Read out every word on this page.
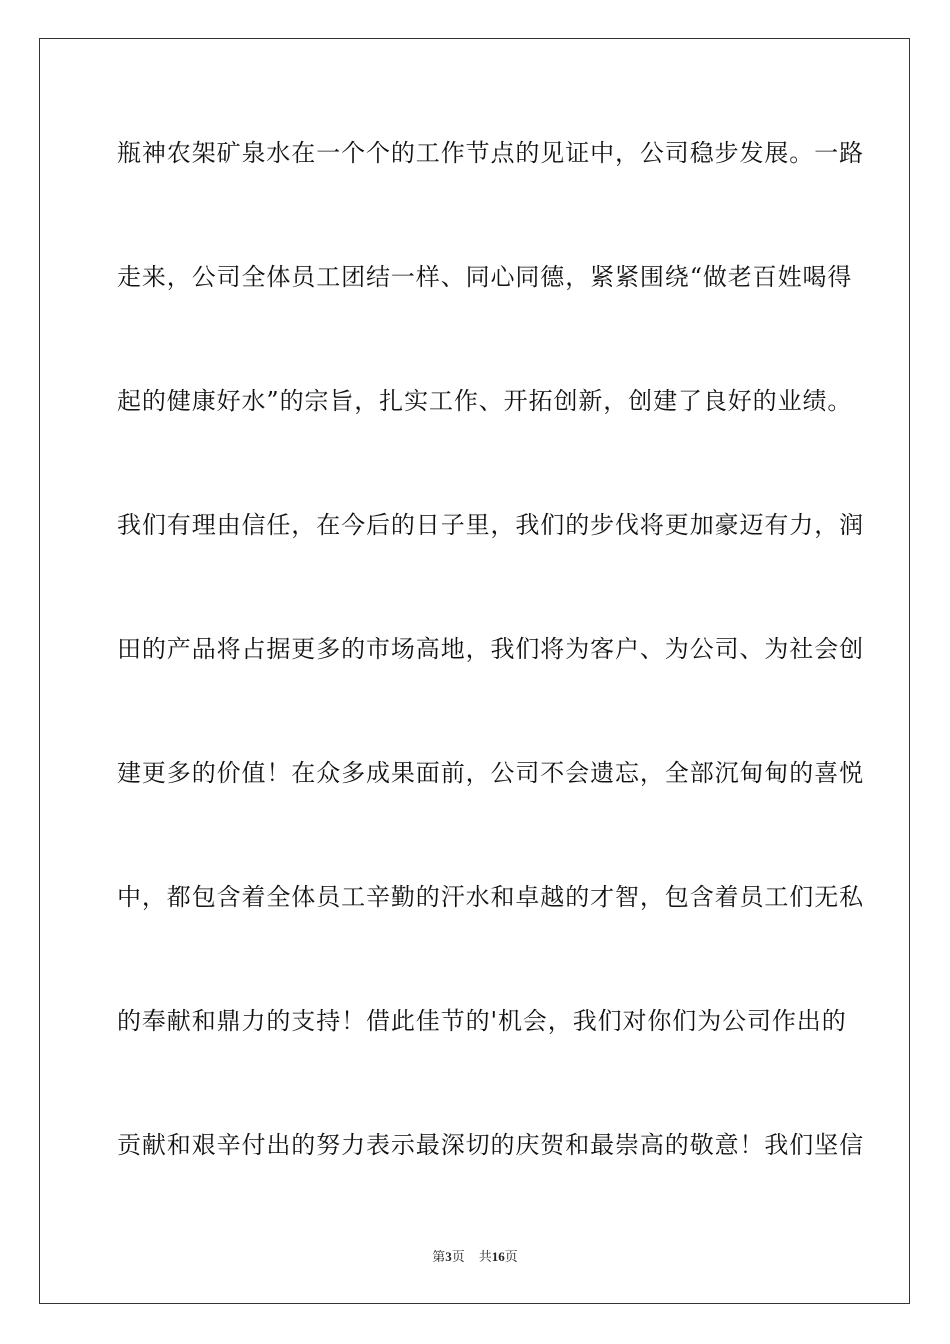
瓶神农架矿泉水在一个个的工作节点的见证中，公司稳步发展。一路
走来，公司全体员工团结一样、同心同德，紧紧围绕“做老百姓喝得
起的健康好水”的宗旨，扎实工作、开拓创新，创建了良好的业绩。
我们有理由信任，在今后的日子里，我们的步伐将更加豪迈有力，润
田的产品将占据更多的市场高地，我们将为客户、为公司、为社会创
建更多的价值！在众多成果面前，公司不会遗忘，全部沉甸甸的喜悦
中，都包含着全体员工辛勤的汗水和卓越的才智，包含着员工们无私
的奉献和鼎力的支持！借此佳节的'机会，我们对你们为公司作出的
贡献和艰辛付出的努力表示最深切的庆贺和最崇高的敬意！我们坚信
第3页 共16页
